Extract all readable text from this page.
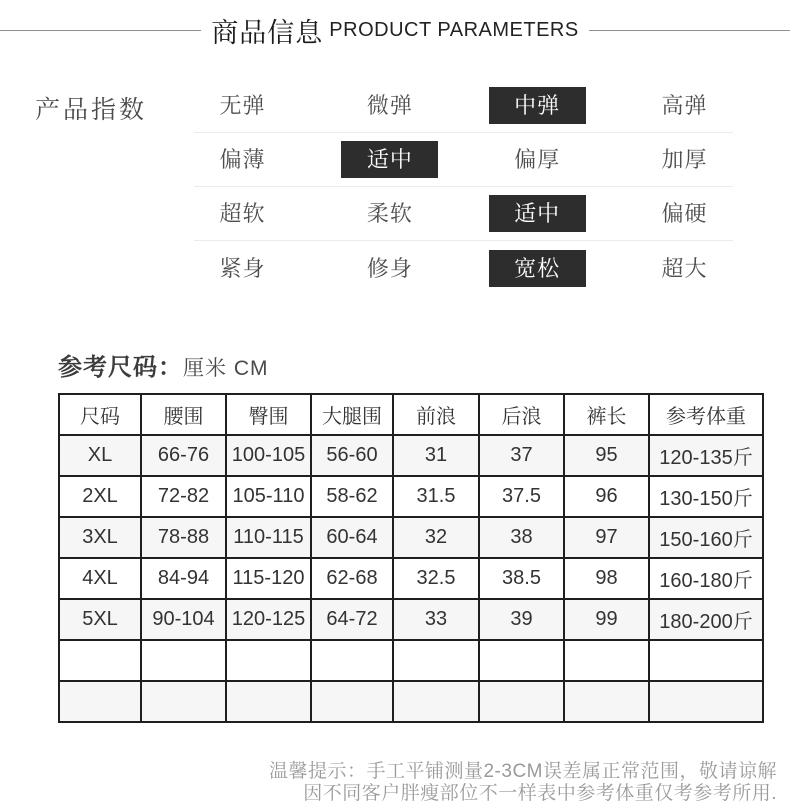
商品信息 PRODUCT PARAMETERS
产品指数	无弹	微弹	中弹	高弹
偏薄	适中	偏厚	加厚
超软	柔软	适中	偏硬
紧身	修身	宽松	超大
参考尺码：厘米 CM
尺码	腰围	臀围	大腿围	前浪	后浪	裤长	参考体重
XL	66-76	100-105	56-60	31	37	95	120-135斤
2XL	72-82	105-110	58-62	31.5	37.5	96	130-150斤
3XL	78-88	110-115	60-64	32	38	97	150-160斤
4XL	84-94	115-120	62-68	32.5	38.5	98	160-180斤
5XL	90-104	120-125	64-72	33	39	99	180-200斤

温馨提示：手工平铺测量2-3CM误差属正常范围，敬请谅解
因不同客户胖瘦部位不一样表中参考体重仅考参考所用.
